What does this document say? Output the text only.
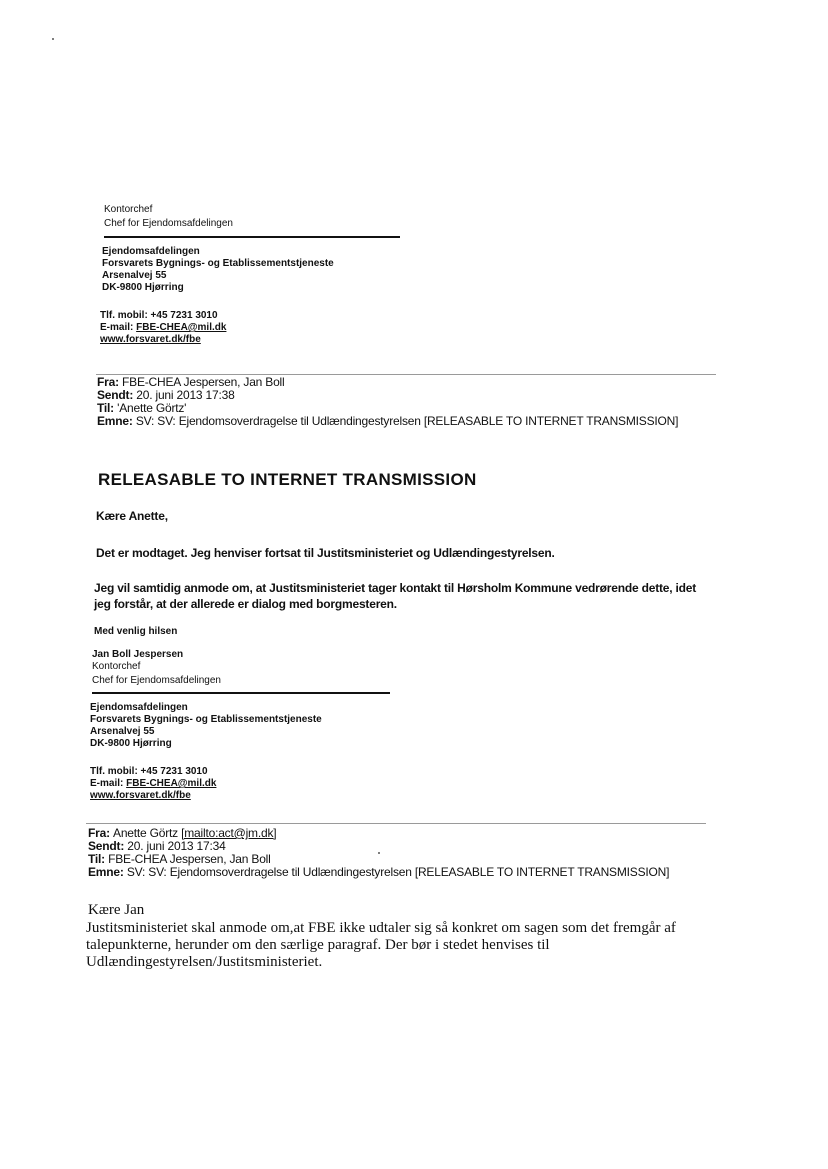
Kontorchef
Chef for Ejendomsafdelingen
Ejendomsafdelingen
Forsvarets Bygnings- og Etablissementstjeneste
Arsenalvej 55
DK-9800 Hjørring
Tlf. mobil: +45 7231 3010
E-mail: FBE-CHEA@mil.dk
www.forsvaret.dk/fbe
Fra: FBE-CHEA Jespersen, Jan Boll
Sendt: 20. juni 2013 17:38
Til: 'Anette Görtz'
Emne: SV: SV: Ejendomsoverdragelse til Udlændingestyrelsen [RELEASABLE TO INTERNET TRANSMISSION]
RELEASABLE TO INTERNET TRANSMISSION
Kære Anette,
Det er modtaget. Jeg henviser fortsat til Justitsministeriet og Udlændingestyrelsen.
Jeg vil samtidig anmode om, at Justitsministeriet tager kontakt til Hørsholm Kommune vedrørende dette, idet
jeg forstår, at der allerede er dialog med borgmesteren.
Med venlig hilsen
Jan Boll Jespersen
Kontorchef
Chef for Ejendomsafdelingen
Ejendomsafdelingen
Forsvarets Bygnings- og Etablissementstjeneste
Arsenalvej 55
DK-9800 Hjørring
Tlf. mobil: +45 7231 3010
E-mail: FBE-CHEA@mil.dk
www.forsvaret.dk/fbe
Fra: Anette Görtz [mailto:act@jm.dk]
Sendt: 20. juni 2013 17:34
Til: FBE-CHEA Jespersen, Jan Boll
Emne: SV: SV: Ejendomsoverdragelse til Udlændingestyrelsen [RELEASABLE TO INTERNET TRANSMISSION]
Kære Jan
Justitsministeriet skal anmode om,at FBE ikke udtaler sig så konkret om sagen som det fremgår af
talepunkterne, herunder om den særlige paragraf. Der bør i stedet henvises til
Udlændingestyrelsen/Justitsministeriet.
